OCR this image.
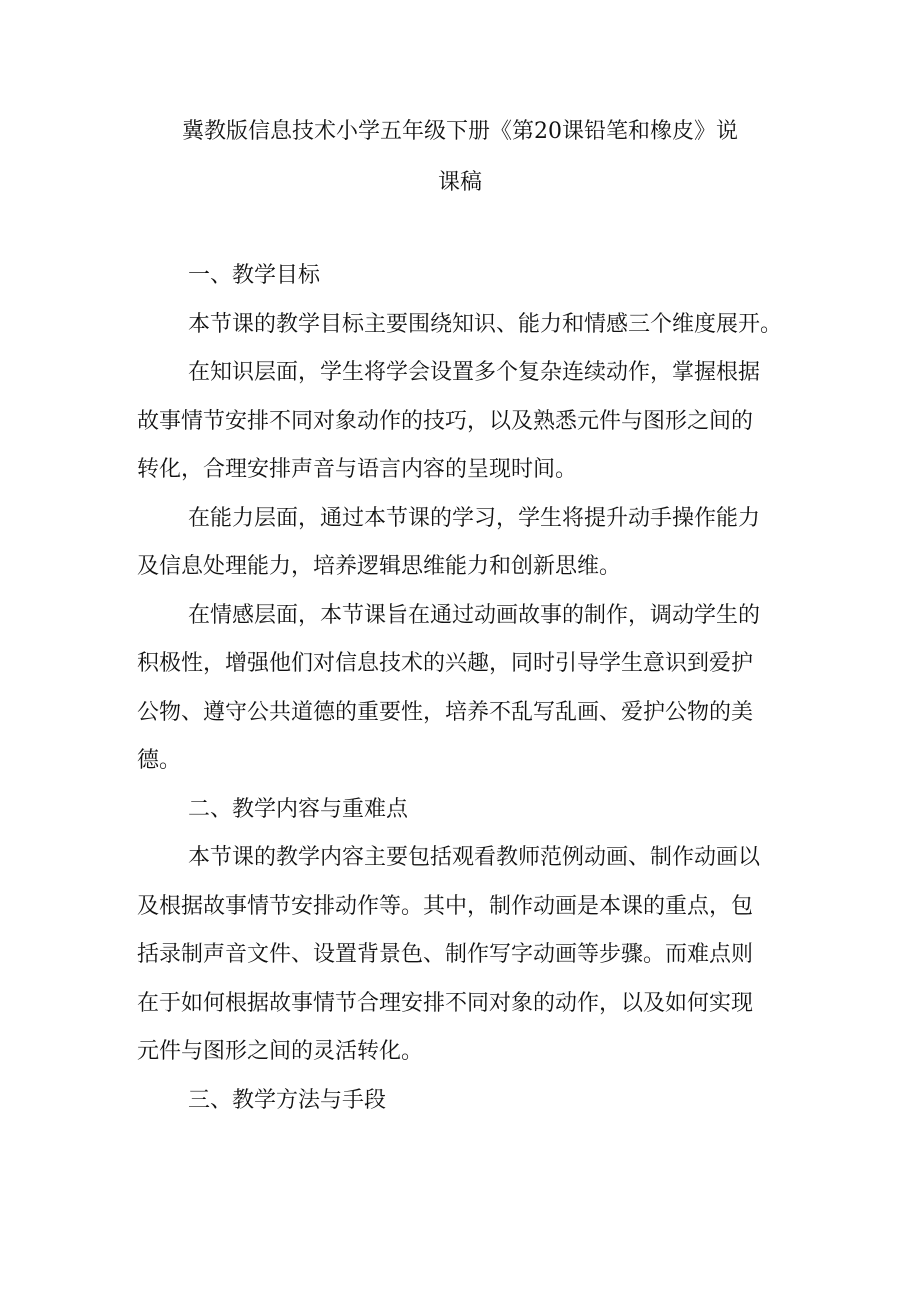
冀教版信息技术小学五年级下册《第20课铅笔和橡皮》说
课稿
一、教学目标
本节课的教学目标主要围绕知识、能力和情感三个维度展开。
在知识层面，学生将学会设置多个复杂连续动作，掌握根据
故事情节安排不同对象动作的技巧，以及熟悉元件与图形之间的
转化，合理安排声音与语言内容的呈现时间。
在能力层面，通过本节课的学习，学生将提升动手操作能力
及信息处理能力，培养逻辑思维能力和创新思维。
在情感层面，本节课旨在通过动画故事的制作，调动学生的
积极性，增强他们对信息技术的兴趣，同时引导学生意识到爱护
公物、遵守公共道德的重要性，培养不乱写乱画、爱护公物的美
德。
二、教学内容与重难点
本节课的教学内容主要包括观看教师范例动画、制作动画以
及根据故事情节安排动作等。其中，制作动画是本课的重点，包
括录制声音文件、设置背景色、制作写字动画等步骤。而难点则
在于如何根据故事情节合理安排不同对象的动作，以及如何实现
元件与图形之间的灵活转化。
三、教学方法与手段
